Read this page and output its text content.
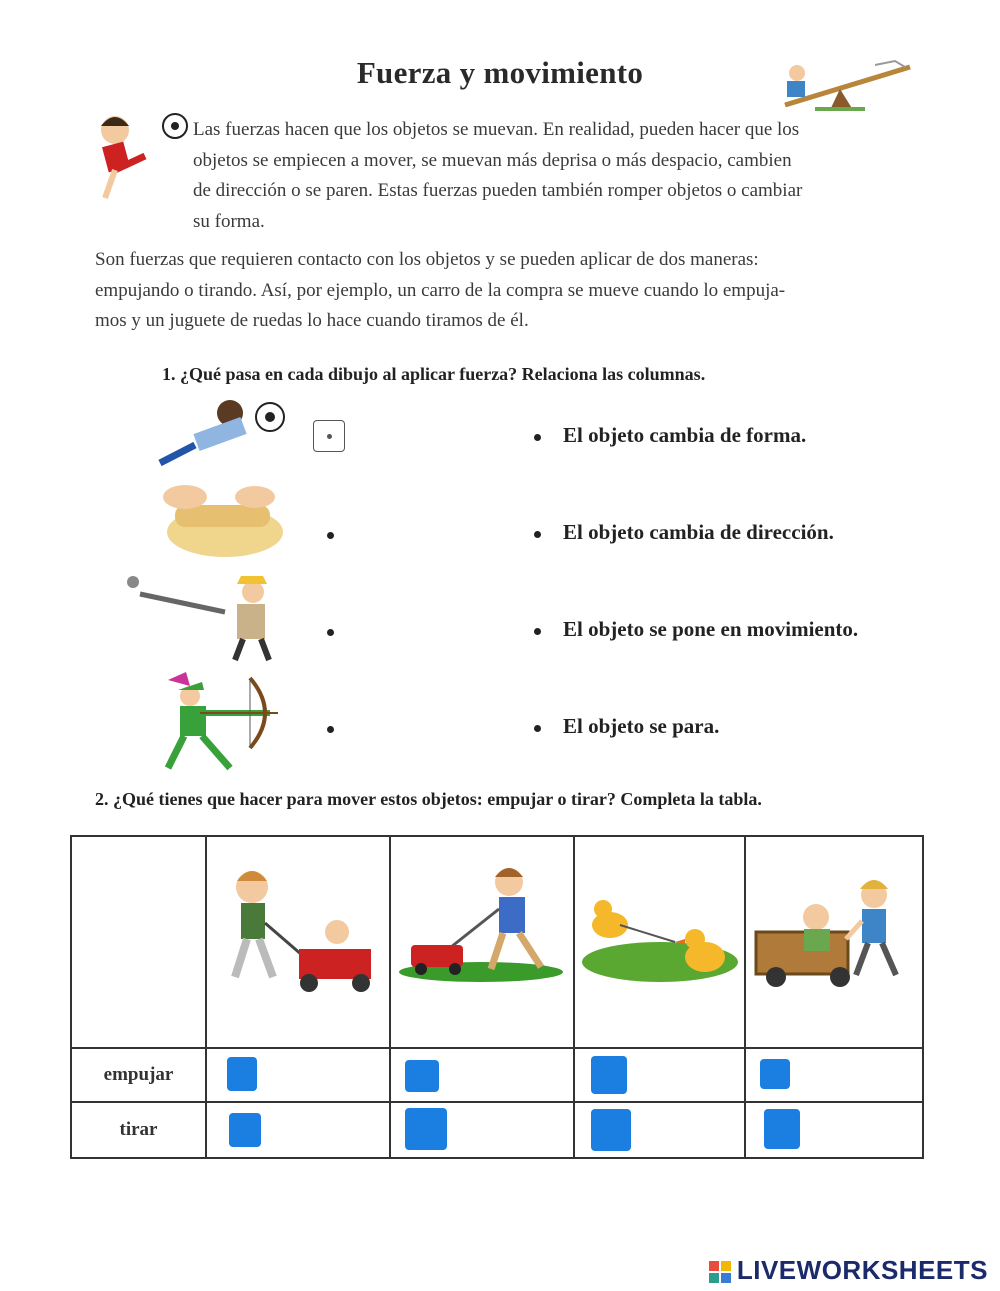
Fuerza y movimiento
Las fuerzas hacen que los objetos se muevan. En realidad, pueden hacer que los
objetos se empiecen a mover, se muevan más deprisa o más despacio, cambien
de dirección o se paren. Estas fuerzas pueden también romper objetos o cambiar
su forma.
Son fuerzas que requieren contacto con los objetos y se pueden aplicar de dos maneras:
empujando o tirando. Así, por ejemplo, un carro de la compra se mueve cuando lo empuja-
mos y un juguete de ruedas lo hace cuando tiramos de él.
1. ¿Qué pasa en cada dibujo al aplicar fuerza? Relaciona las columnas.
El objeto cambia de forma.
El objeto cambia de dirección.
El objeto se pone en movimiento.
El objeto se para.
2. ¿Qué tienes que hacer para mover estos objetos: empujar o tirar? Completa la tabla.

empujar	

tirar	

LIVEWORKSHEETS
